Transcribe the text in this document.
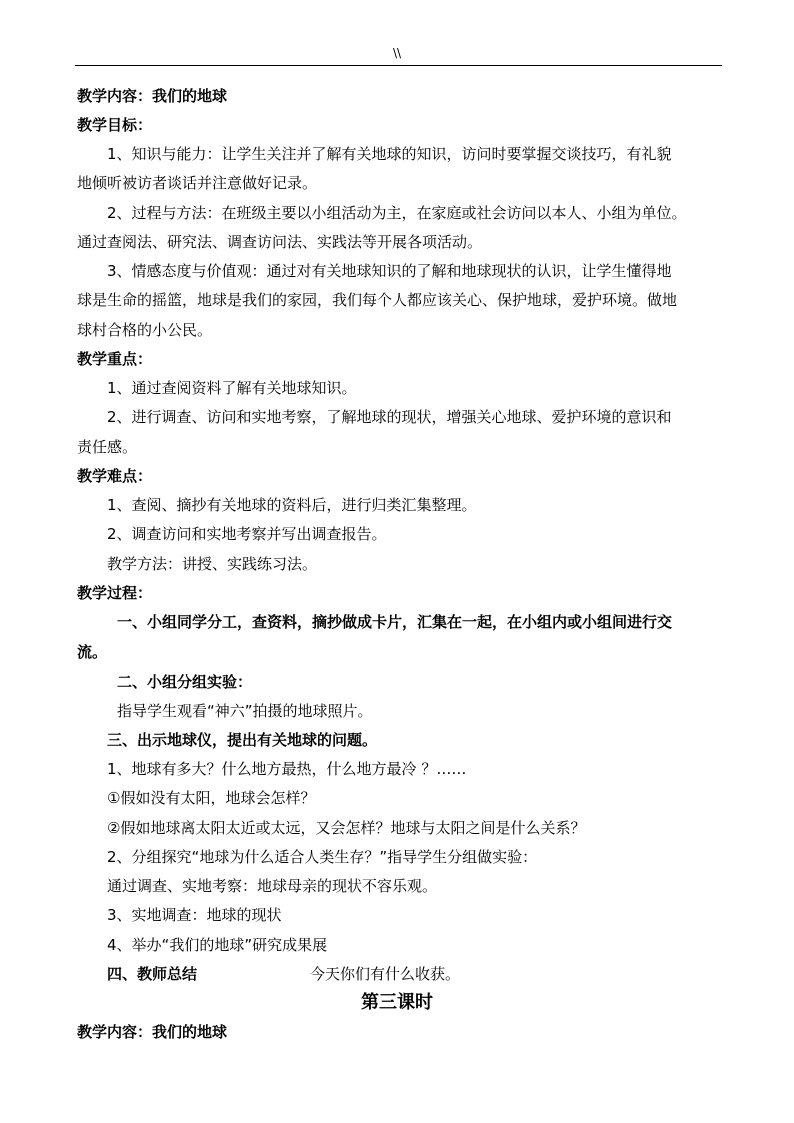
\\
教学内容：我们的地球
教学目标：
1、知识与能力：让学生关注并了解有关地球的知识，访问时要掌握交谈技巧，有礼貌
地倾听被访者谈话并注意做好记录。
2、过程与方法：在班级主要以小组活动为主，在家庭或社会访问以本人、小组为单位。
通过查阅法、研究法、调查访问法、实践法等开展各项活动。
3、情感态度与价值观：通过对有关地球知识的了解和地球现状的认识，让学生懂得地
球是生命的摇篮，地球是我们的家园，我们每个人都应该关心、保护地球，爱护环境。做地
球村合格的小公民。
教学重点：
1、通过查阅资料了解有关地球知识。
2、进行调查、访问和实地考察，了解地球的现状，增强关心地球、爱护环境的意识和
责任感。
教学难点：
1、查阅、摘抄有关地球的资料后，进行归类汇集整理。
2、调查访问和实地考察并写出调查报告。
教学方法：讲授、实践练习法。
教学过程：
一、小组同学分工，查资料，摘抄做成卡片，汇集在一起，在小组内或小组间进行交
流。
二、小组分组实验：
指导学生观看“神六”拍摄的地球照片。
三、出示地球仪，提出有关地球的问题。
1、地球有多大？什么地方最热，什么地方最冷 ？……
①假如没有太阳，地球会怎样？
②假如地球离太阳太近或太远，又会怎样？地球与太阳之间是什么关系？
2、分组探究“地球为什么适合人类生存？”指导学生分组做实验：
通过调查、实地考察：地球母亲的现状不容乐观。
3、实地调查：地球的现状
4、举办“我们的地球”研究成果展
四、教师总结	今天你们有什么收获。
第三课时
教学内容：我们的地球
